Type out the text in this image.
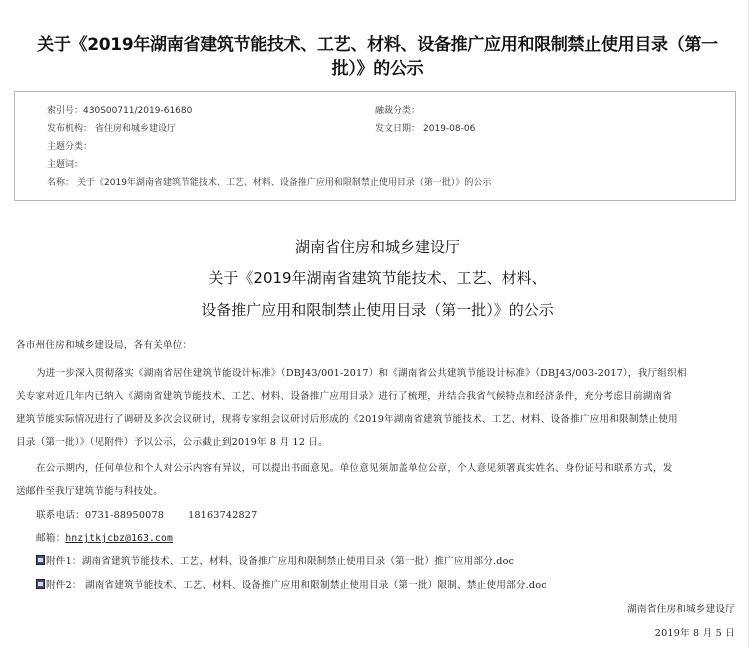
关于《2019年湖南省建筑节能技术、工艺、材料、设备推广应用和限制禁止使用目录（第一
批）》的公示
索引号：430S00711/2019-61680	融裁分类：
发布机构： 省住房和城乡建设厅	发文日期： 2019-08-06
主题分类：
主题词：
名称： 关于《2019年湖南省建筑节能技术、工艺、材料、设备推广应用和限制禁止使用目录（第一批）》的公示
湖南省住房和城乡建设厅
关于《2019年湖南省建筑节能技术、工艺、材料、
设备推广应用和限制禁止使用目录（第一批）》的公示
各市州住房和城乡建设局，各有关单位：
为进一步深入贯彻落实《湖南省居住建筑节能设计标准》（DBJ43/001-2017）和《湖南省公共建筑节能设计标准》（DBJ43/003-2017），我厅组织相
关专家对近几年内已纳入《湖南省建筑节能技术、工艺、材料、设备推广应用目录》进行了梳理，并结合我省气候特点和经济条件，充分考虑目前湖南省
建筑节能实际情况进行了调研及多次会议研讨，现将专家组会议研讨后形成的《2019年湖南省建筑节能技术、工艺、材料、设备推广应用和限制禁止使用
目录（第一批）》（见附件）予以公示，公示截止到2019年 8 月 12 日。
在公示期内，任何单位和个人对公示内容有异议，可以提出书面意见。单位意见须加盖单位公章，个人意见须署真实姓名、身份证号和联系方式，发
送邮件至我厅建筑节能与科技处。
联系电话：0731-88950078	18163742827
邮箱：hnzjtkjcbz@163.com
附件1：湖南省建筑节能技术、工艺、材料、设备推广应用和限制禁止使用目录（第一批）推广应用部分.doc
附件2： 湖南省建筑节能技术、工艺、材料、设备推广应用和限制禁止使用目录（第一批）限制、禁止使用部分.doc
湖南省住房和城乡建设厅
2019年 8 月 5 日
